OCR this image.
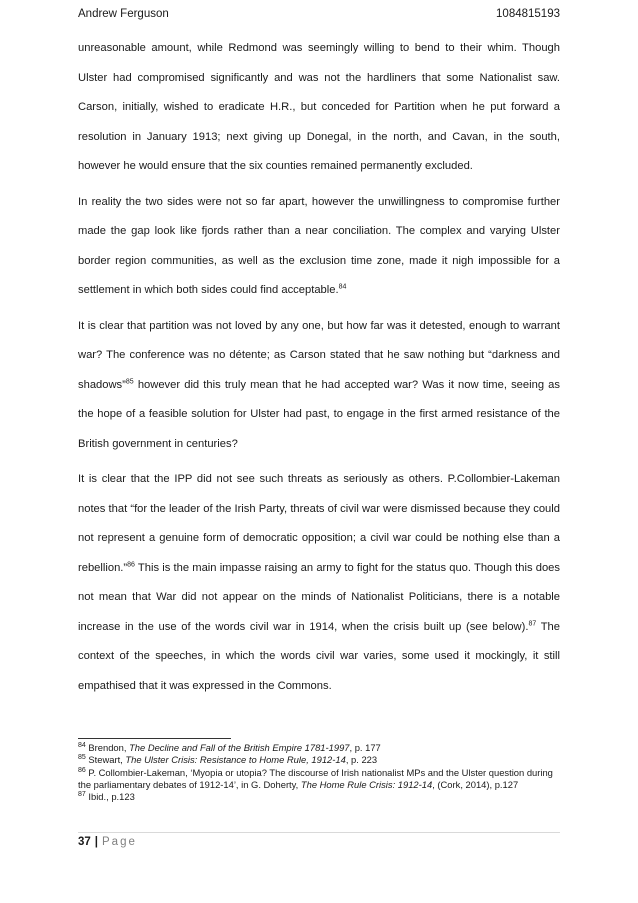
Andrew Ferguson	1084815193

unreasonable amount, while Redmond was seemingly willing to bend to their whim. Though Ulster had compromised significantly and was not the hardliners that some Nationalist saw. Carson, initially, wished to eradicate H.R., but conceded for Partition when he put forward a resolution in January 1913; next giving up Donegal, in the north, and Cavan, in the south, however he would ensure that the six counties remained permanently excluded.

In reality the two sides were not so far apart, however the unwillingness to compromise further made the gap look like fjords rather than a near conciliation. The complex and varying Ulster border region communities, as well as the exclusion time zone, made it nigh impossible for a settlement in which both sides could find acceptable.$^{84}$

It is clear that partition was not loved by any one, but how far was it detested, enough to warrant war? The conference was no détente; as Carson stated that he saw nothing but “darkness and shadows”$^{85}$ however did this truly mean that he had accepted war? Was it now time, seeing as the hope of a feasible solution for Ulster had past, to engage in the first armed resistance of the British government in centuries?

It is clear that the IPP did not see such threats as seriously as others. P.Collombier-Lakeman notes that “for the leader of the Irish Party, threats of civil war were dismissed because they could not represent a genuine form of democratic opposition; a civil war could be nothing else than a rebellion.”$^{86}$ This is the main impasse raising an army to fight for the status quo. Though this does not mean that War did not appear on the minds of Nationalist Politicians, there is a notable increase in the use of the words civil war in 1914, when the crisis built up (see below).$^{87}$ The context of the speeches, in which the words civil war varies, some used it mockingly, it still empathised that it was expressed in the Commons.

$^{84}$ Brendon, The Decline and Fall of the British Empire 1781-1997, p. 177

$^{85}$ Stewart, The Ulster Crisis: Resistance to Home Rule, 1912-14, p. 223

$^{86}$ P. Collombier-Lakeman, ‘Myopia or utopia? The discourse of Irish nationalist MPs and the Ulster question during the parliamentary debates of 1912-14’, in G. Doherty, The Home Rule Crisis: 1912-14, (Cork, 2014), p.127

$^{87}$ Ibid., p.123

37 | Page
